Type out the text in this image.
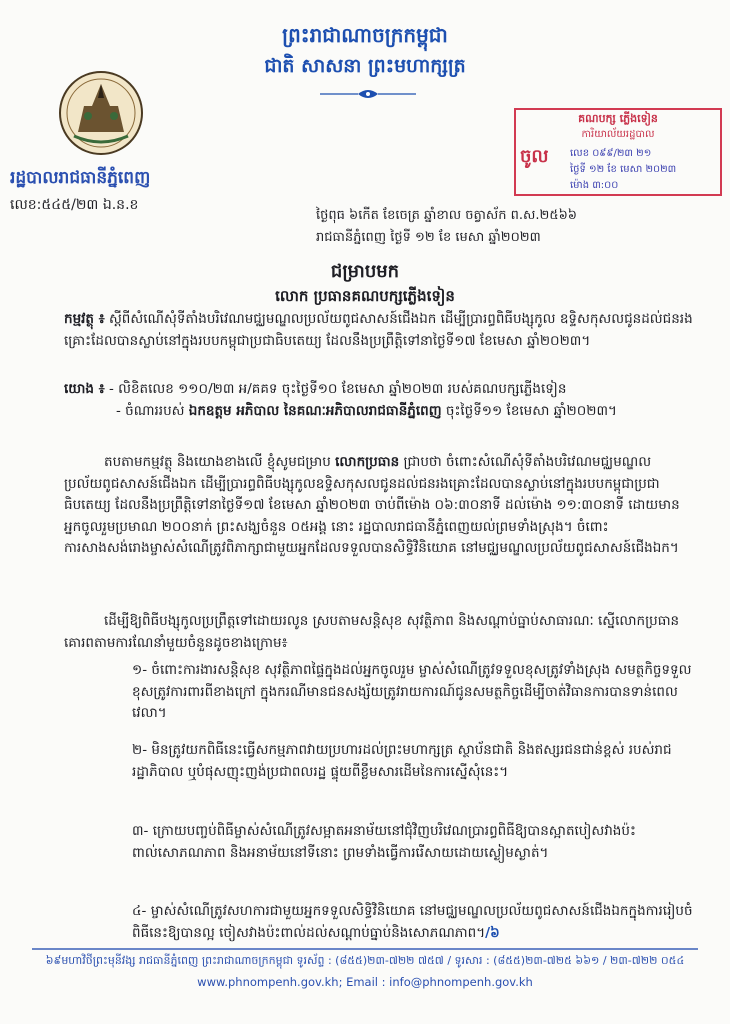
ព្រះរាជាណាចក្រកម្ពុជា
ជាតិ សាសនា ព្រះមហាក្សត្រ
រដ្ឋបាលរាជធានីភ្នំពេញ
លេខ:៥៤៥/២៣ ឯ.ន.ខ
គណបក្ស ភ្លើងទៀន
ការិយាល័យរដ្ឋបាល
ចូល លេខ ០៩៩/២៣ ២១
ថ្ងៃទី ១២ ខែ មេសា ២០២៣
ម៉ោង ៣:០០
ថ្ងៃពុធ ៦កើត ខែចេត្រ ឆ្នាំខាល ចត្វាស័ក ព.ស.២៥៦៦
រាជធានីភ្នំពេញ ថ្ងៃទី ១២ ខែ មេសា ឆ្នាំ២០២៣
ជម្រាបមក
លោក ប្រធានគណបក្សភ្លើងទៀន
កម្មវត្ថុ ៖ ស្តីពីសំណើសុំទីតាំងបរិវេណមជ្ឈមណ្ឌលប្រល័យពូជសាសន៍ជើងឯក ដើម្បីប្រារព្ធពិធីបង្សុកូល ឧទ្ទិសកុសលជូនដល់ជនរងគ្រោះដែលបានស្លាប់នៅក្នុងរបបកម្ពុជាប្រជាធិបតេយ្យ ដែលនឹងប្រព្រឹត្តិទៅនាថ្ងៃទី១៧ ខែមេសា ឆ្នាំ២០២៣។
យោង ៖ - លិខិតលេខ ១១០/២៣ អ/គគទ ចុះថ្ងៃទី១០ ខែមេសា ឆ្នាំ២០២៣ របស់គណបក្សភ្លើងទៀន
- ចំណាររបស់ ឯកឧត្តម អភិបាល នៃគណៈអភិបាលរាជធានីភ្នំពេញ ចុះថ្ងៃទី១១ ខែមេសា ឆ្នាំ២០២៣។
តបតាមកម្មវត្ថុ និងយោងខាងលើ ខ្ញុំសូមជម្រាប លោកប្រធាន ជ្រាបថា ចំពោះសំណើសុំទីតាំងបរិវេណមជ្ឈមណ្ឌលប្រល័យពូជសាសន៍ជើងឯក ដើម្បីប្រារព្ធពិធីបង្សុកូលឧទ្ទិសកុសលជូនដល់ជនរងគ្រោះដែលបានស្លាប់នៅក្នុងរបបកម្ពុជាប្រជាធិបតេយ្យ ដែលនឹងប្រព្រឹត្តិទៅនាថ្ងៃទី១៧ ខែមេសា ឆ្នាំ២០២៣ ចាប់ពីម៉ោង ០៦:៣០នាទី ដល់ម៉ោង ១១:៣០នាទី ដោយមានអ្នកចូលរួមប្រមាណ ២០០នាក់ ព្រះសង្ឃចំនួន ០៥អង្គ នោះ រដ្ឋបាលរាជធានីភ្នំពេញយល់ព្រមទាំងស្រុង។ ចំពោះការសាងសង់រោងម្ចាស់សំណើត្រូវពិភាក្សាជាមួយអ្នកដែលទទួលបានសិទ្ធិវិនិយោគ នៅមជ្ឈមណ្ឌលប្រល័យពូជសាសន៍ជើងឯក។
ដើម្បីឱ្យពិធីបង្សុកូលប្រព្រឹត្តទៅដោយរលូន ស្របតាមសន្តិសុខ សុវត្ថិភាព និងសណ្តាប់ធ្នាប់សាធារណៈ ស្នើលោកប្រធានគោរពតាមការណែនាំមួយចំនួនដូចខាងក្រោម៖
១- ចំពោះការងារសន្តិសុខ សុវត្ថិភាពផ្ទៃក្នុងដល់អ្នកចូលរួម ម្ចាស់សំណើត្រូវទទួលខុសត្រូវទាំងស្រុង សមត្ថកិច្ចទទួលខុសត្រូវការពារពីខាងក្រៅ ក្នុងករណីមានជនសង្ស័យត្រូវរាយការណ៍ជូនសមត្ថកិច្ចដើម្បីចាត់វិធានការបានទាន់ពេលវេលា។
២- មិនត្រូវយកពិធីនេះធ្វើសកម្មភាពវាយប្រហារដល់ព្រះមហាក្សត្រ ស្ថាប័នជាតិ និងឥស្សរជនជាន់ខ្ពស់ របស់រាជរដ្ឋាភិបាល ឬបំផុសញុះញង់ប្រជាពលរដ្ឋ ផ្ទុយពីខ្លឹមសារដើមនៃការស្នើសុំនេះ។
៣- ក្រោយបញ្ចប់ពិធីម្ចាស់សំណើត្រូវសម្អាតអនាម័យនៅជុំវិញបរិវេណប្រារព្ធពិធីឱ្យបានស្អាតបៀសវាងប៉ះពាល់សោភណភាព និងអនាម័យនៅទីនោះ ព្រមទាំងធ្វើការរើសាយដោយស្ងៀមស្ងាត់។
៤- ម្ចាស់សំណើត្រូវសហការជាមួយអ្នកទទួលសិទ្ធិវិនិយោគ នៅមជ្ឈមណ្ឌលប្រល័យពូជសាសន៍ជើងឯកក្នុងការរៀបចំពិធីនេះឱ្យបានល្អ ចៀសវាងប៉ះពាល់ដល់សណ្តាប់ធ្នាប់និងសោភណភាព។/៦
៦៩មហាវិថីព្រះមុនីវង្ស រាជធានីភ្នំពេញ ព្រះរាជាណាចក្រកម្ពុជា ទូរស័ព្ទ : (៨៥៥)២៣-៧២២ ៧៥៧ / ទូរសារ : (៨៥៥)២៣-៧២៥ ៦៦១ / ២៣-៧២២ ០៥៤
www.phnompenh.gov.kh; Email : info@phnompenh.gov.kh
